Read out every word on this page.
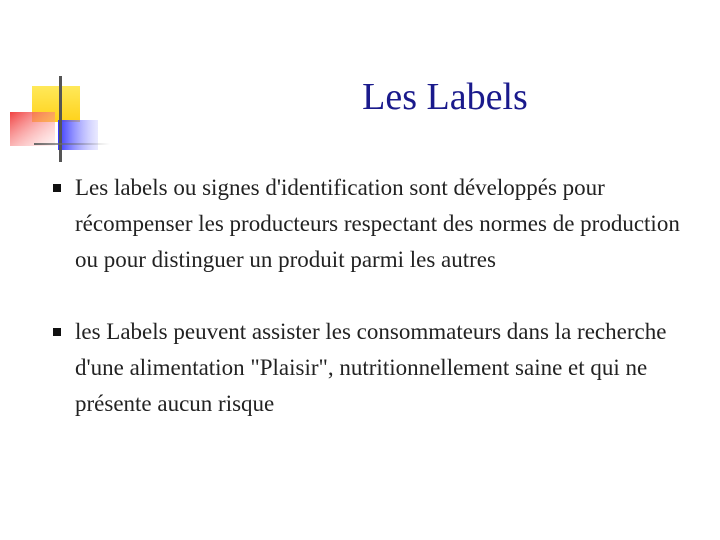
Les Labels
Les labels ou signes d'identification sont développés pour récompenser les producteurs respectant des normes de production ou pour distinguer un produit parmi les autres
les Labels peuvent assister les consommateurs dans la recherche d'une alimentation "Plaisir", nutritionnellement saine et qui ne présente aucun risque
